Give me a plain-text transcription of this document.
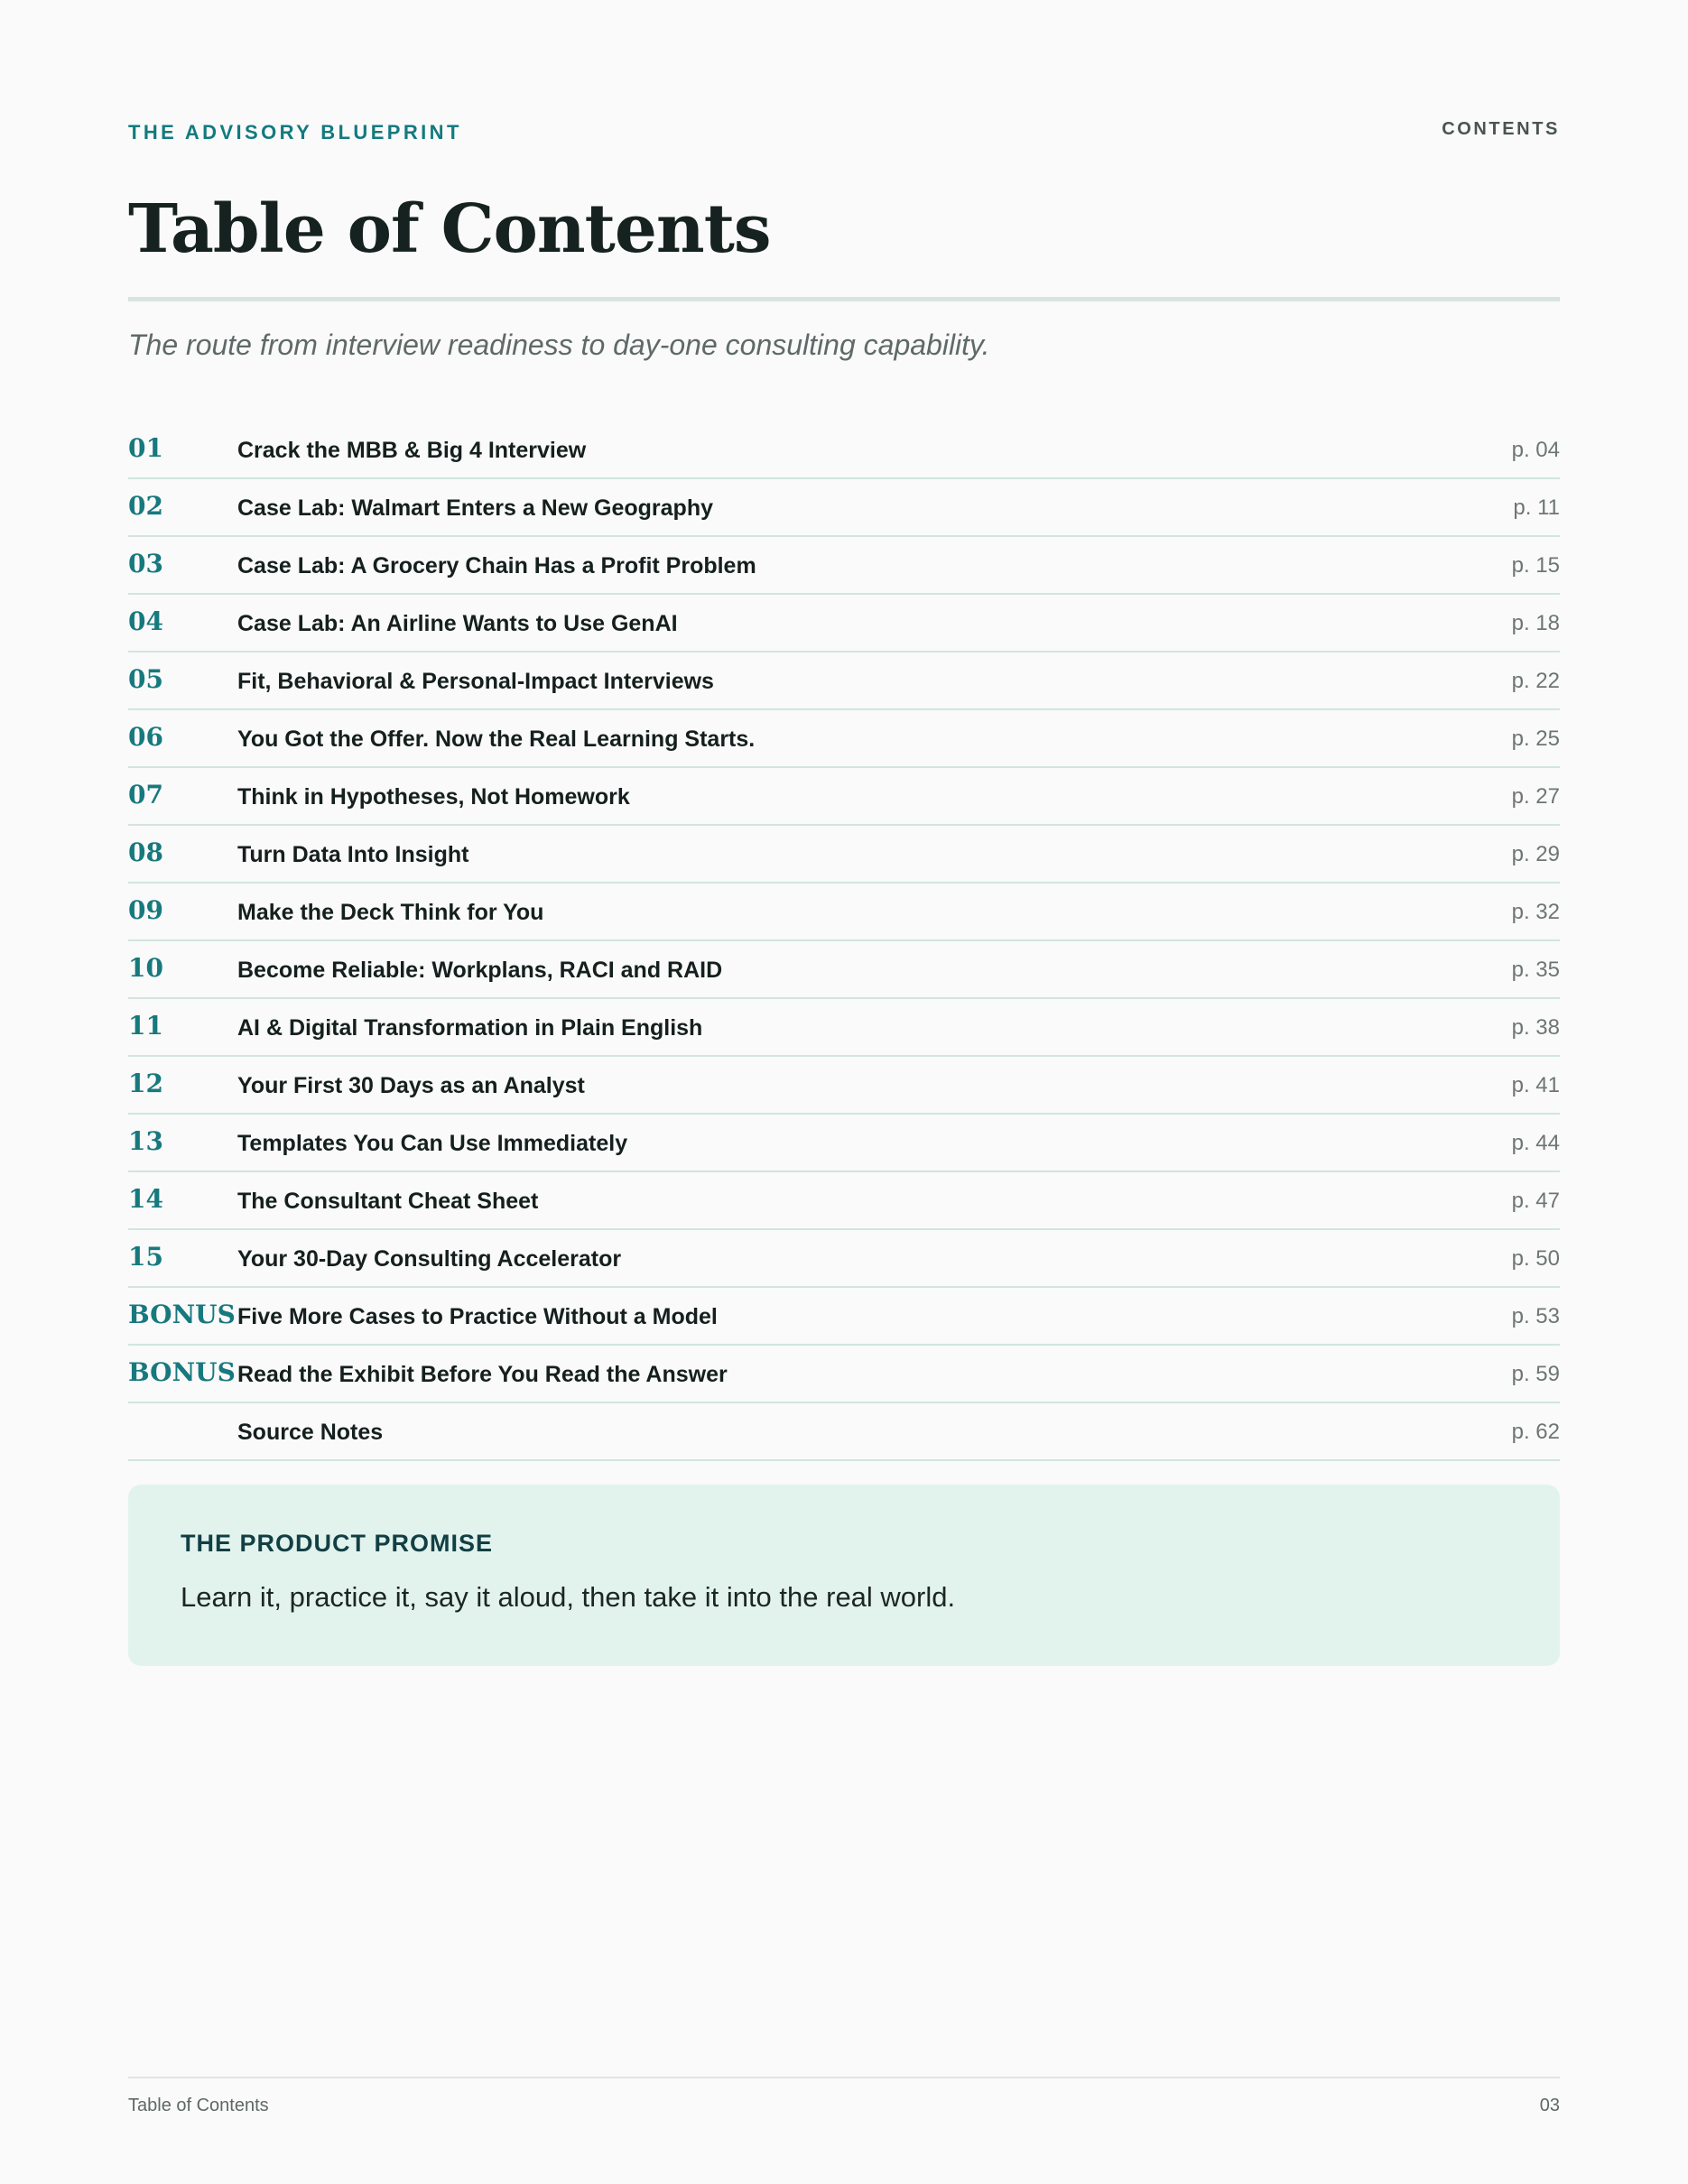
THE ADVISORY BLUEPRINT	CONTENTS
Table of Contents
The route from interview readiness to day-one consulting capability.
01	Crack the MBB & Big 4 Interview	p. 04
02	Case Lab: Walmart Enters a New Geography	p. 11
03	Case Lab: A Grocery Chain Has a Profit Problem	p. 15
04	Case Lab: An Airline Wants to Use GenAI	p. 18
05	Fit, Behavioral & Personal-Impact Interviews	p. 22
06	You Got the Offer. Now the Real Learning Starts.	p. 25
07	Think in Hypotheses, Not Homework	p. 27
08	Turn Data Into Insight	p. 29
09	Make the Deck Think for You	p. 32
10	Become Reliable: Workplans, RACI and RAID	p. 35
11	AI & Digital Transformation in Plain English	p. 38
12	Your First 30 Days as an Analyst	p. 41
13	Templates You Can Use Immediately	p. 44
14	The Consultant Cheat Sheet	p. 47
15	Your 30-Day Consulting Accelerator	p. 50
BONUS Five More Cases to Practice Without a Model	p. 53
BONUS Read the Exhibit Before You Read the Answer	p. 59
Source Notes	p. 62
THE PRODUCT PROMISE
Learn it, practice it, say it aloud, then take it into the real world.
Table of Contents	03
